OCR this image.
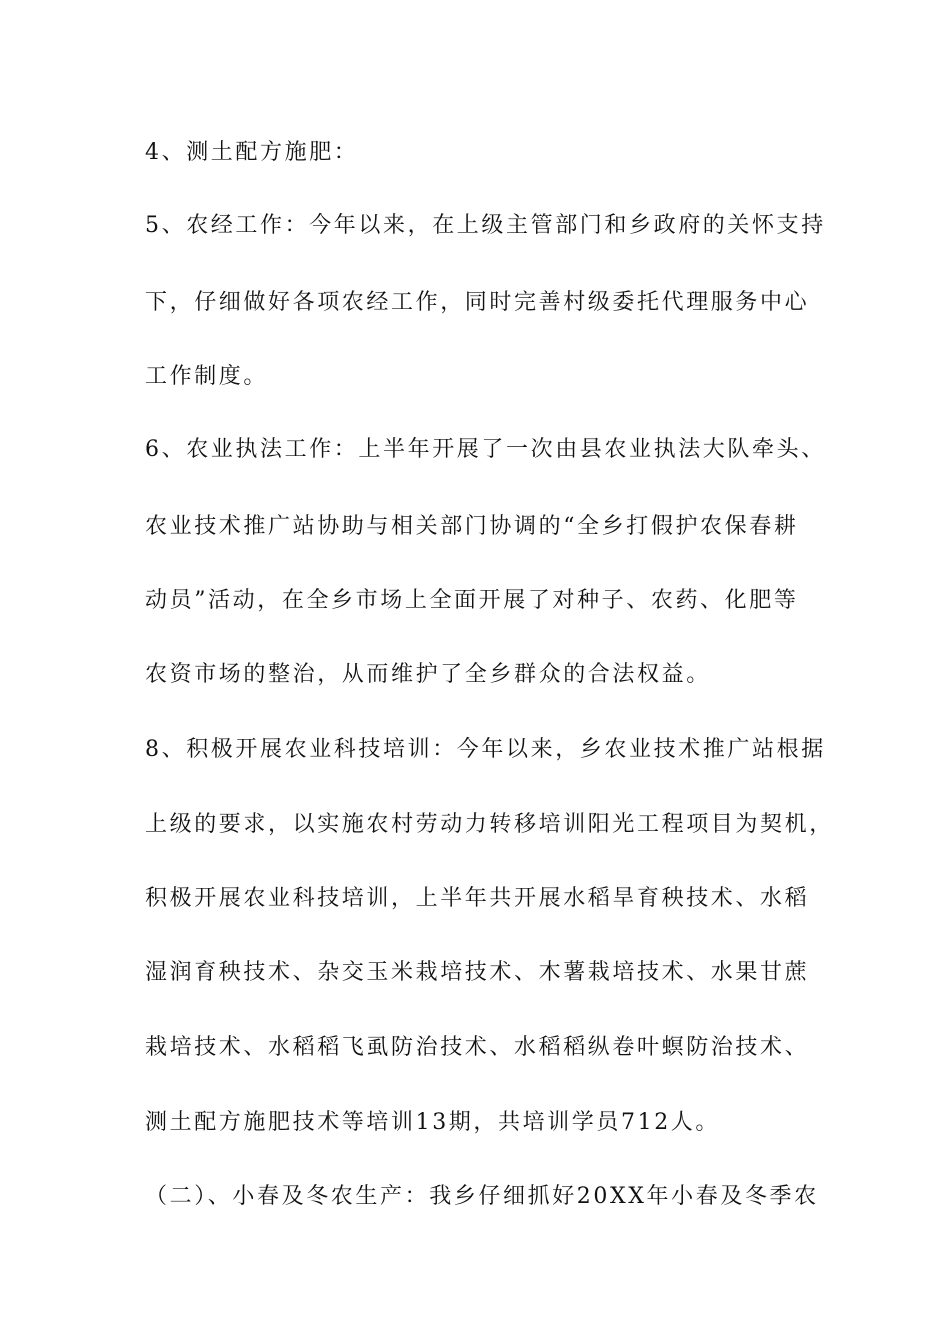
4、测土配方施肥：
5、农经工作：今年以来，在上级主管部门和乡政府的关怀支持
下，仔细做好各项农经工作，同时完善村级委托代理服务中心
工作制度。
6、农业执法工作：上半年开展了一次由县农业执法大队牵头、
农业技术推广站协助与相关部门协调的“全乡打假护农保春耕
动员”活动，在全乡市场上全面开展了对种子、农药、化肥等
农资市场的整治，从而维护了全乡群众的合法权益。
8、积极开展农业科技培训：今年以来，乡农业技术推广站根据
上级的要求，以实施农村劳动力转移培训阳光工程项目为契机，
积极开展农业科技培训，上半年共开展水稻旱育秧技术、水稻
湿润育秧技术、杂交玉米栽培技术、木薯栽培技术、水果甘蔗
栽培技术、水稻稻飞虱防治技术、水稻稻纵卷叶螟防治技术、
测土配方施肥技术等培训13期，共培训学员712人。
（二）、小春及冬农生产：我乡仔细抓好20XX年小春及冬季农
